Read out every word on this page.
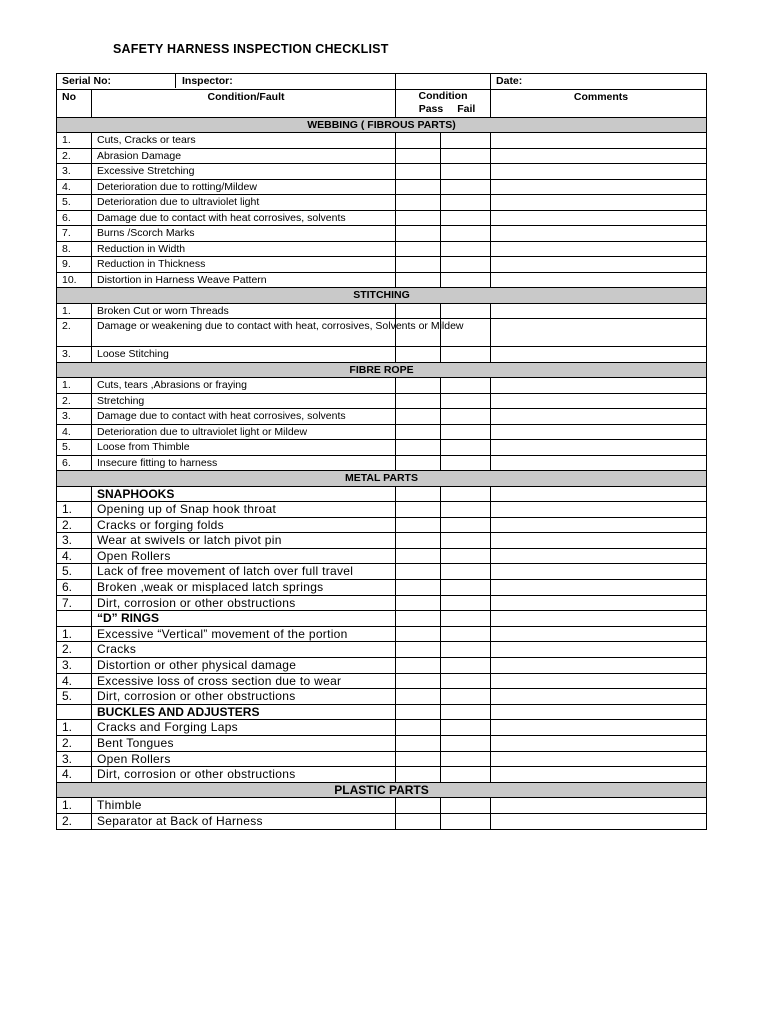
SAFETY HARNESS INSPECTION CHECKLIST
Serial No: Inspector:				Date:
No	Condition/Fault	Condition
Pass Fail		Comments
WEBBING ( FIBROUS PARTS)				
1.	Cuts, Cracks or tears			
2.	Abrasion Damage			
3.	Excessive Stretching			
4.	Deterioration due to rotting/Mildew			
5.	Deterioration due to ultraviolet light			
6.	Damage due to contact with heat corrosives, solvents			
7.	Burns /Scorch Marks			
8.	Reduction in Width			
9.	Reduction in Thickness			
10.	Distortion in Harness Weave Pattern			
STITCHING				
1.	Broken Cut or worn Threads			
2.	Damage or weakening due to contact with heat, corrosives, Solvents or Mildew			
3.	Loose Stitching			
FIBRE ROPE				
1.	Cuts, tears ,Abrasions or fraying			
2.	Stretching			
3.	Damage due to contact with heat corrosives, solvents			
4.	Deterioration due to ultraviolet light or Mildew			
5.	Loose from Thimble			
6.	Insecure fitting to harness			
METAL PARTS				
	SNAPHOOKS			
1.	Opening up of Snap hook throat			
2.	Cracks or forging folds			
3.	Wear at swivels or latch pivot pin			
4.	Open Rollers			
5.	Lack of free movement of latch over full travel			
6.	Broken ,weak or misplaced latch springs			
7.	Dirt, corrosion or other obstructions			
	“D” RINGS			
1.	Excessive “Vertical” movement of the portion			
2.	Cracks			
3.	Distortion or other physical damage			
4.	Excessive loss of cross section due to wear			
5.	Dirt, corrosion or other obstructions			
	BUCKLES AND ADJUSTERS			
1.	Cracks and Forging Laps			
2.	Bent Tongues			
3.	Open Rollers			
4.	Dirt, corrosion or other obstructions			
PLASTIC PARTS				
1.	Thimble			
2.	Separator at Back of Harness			
